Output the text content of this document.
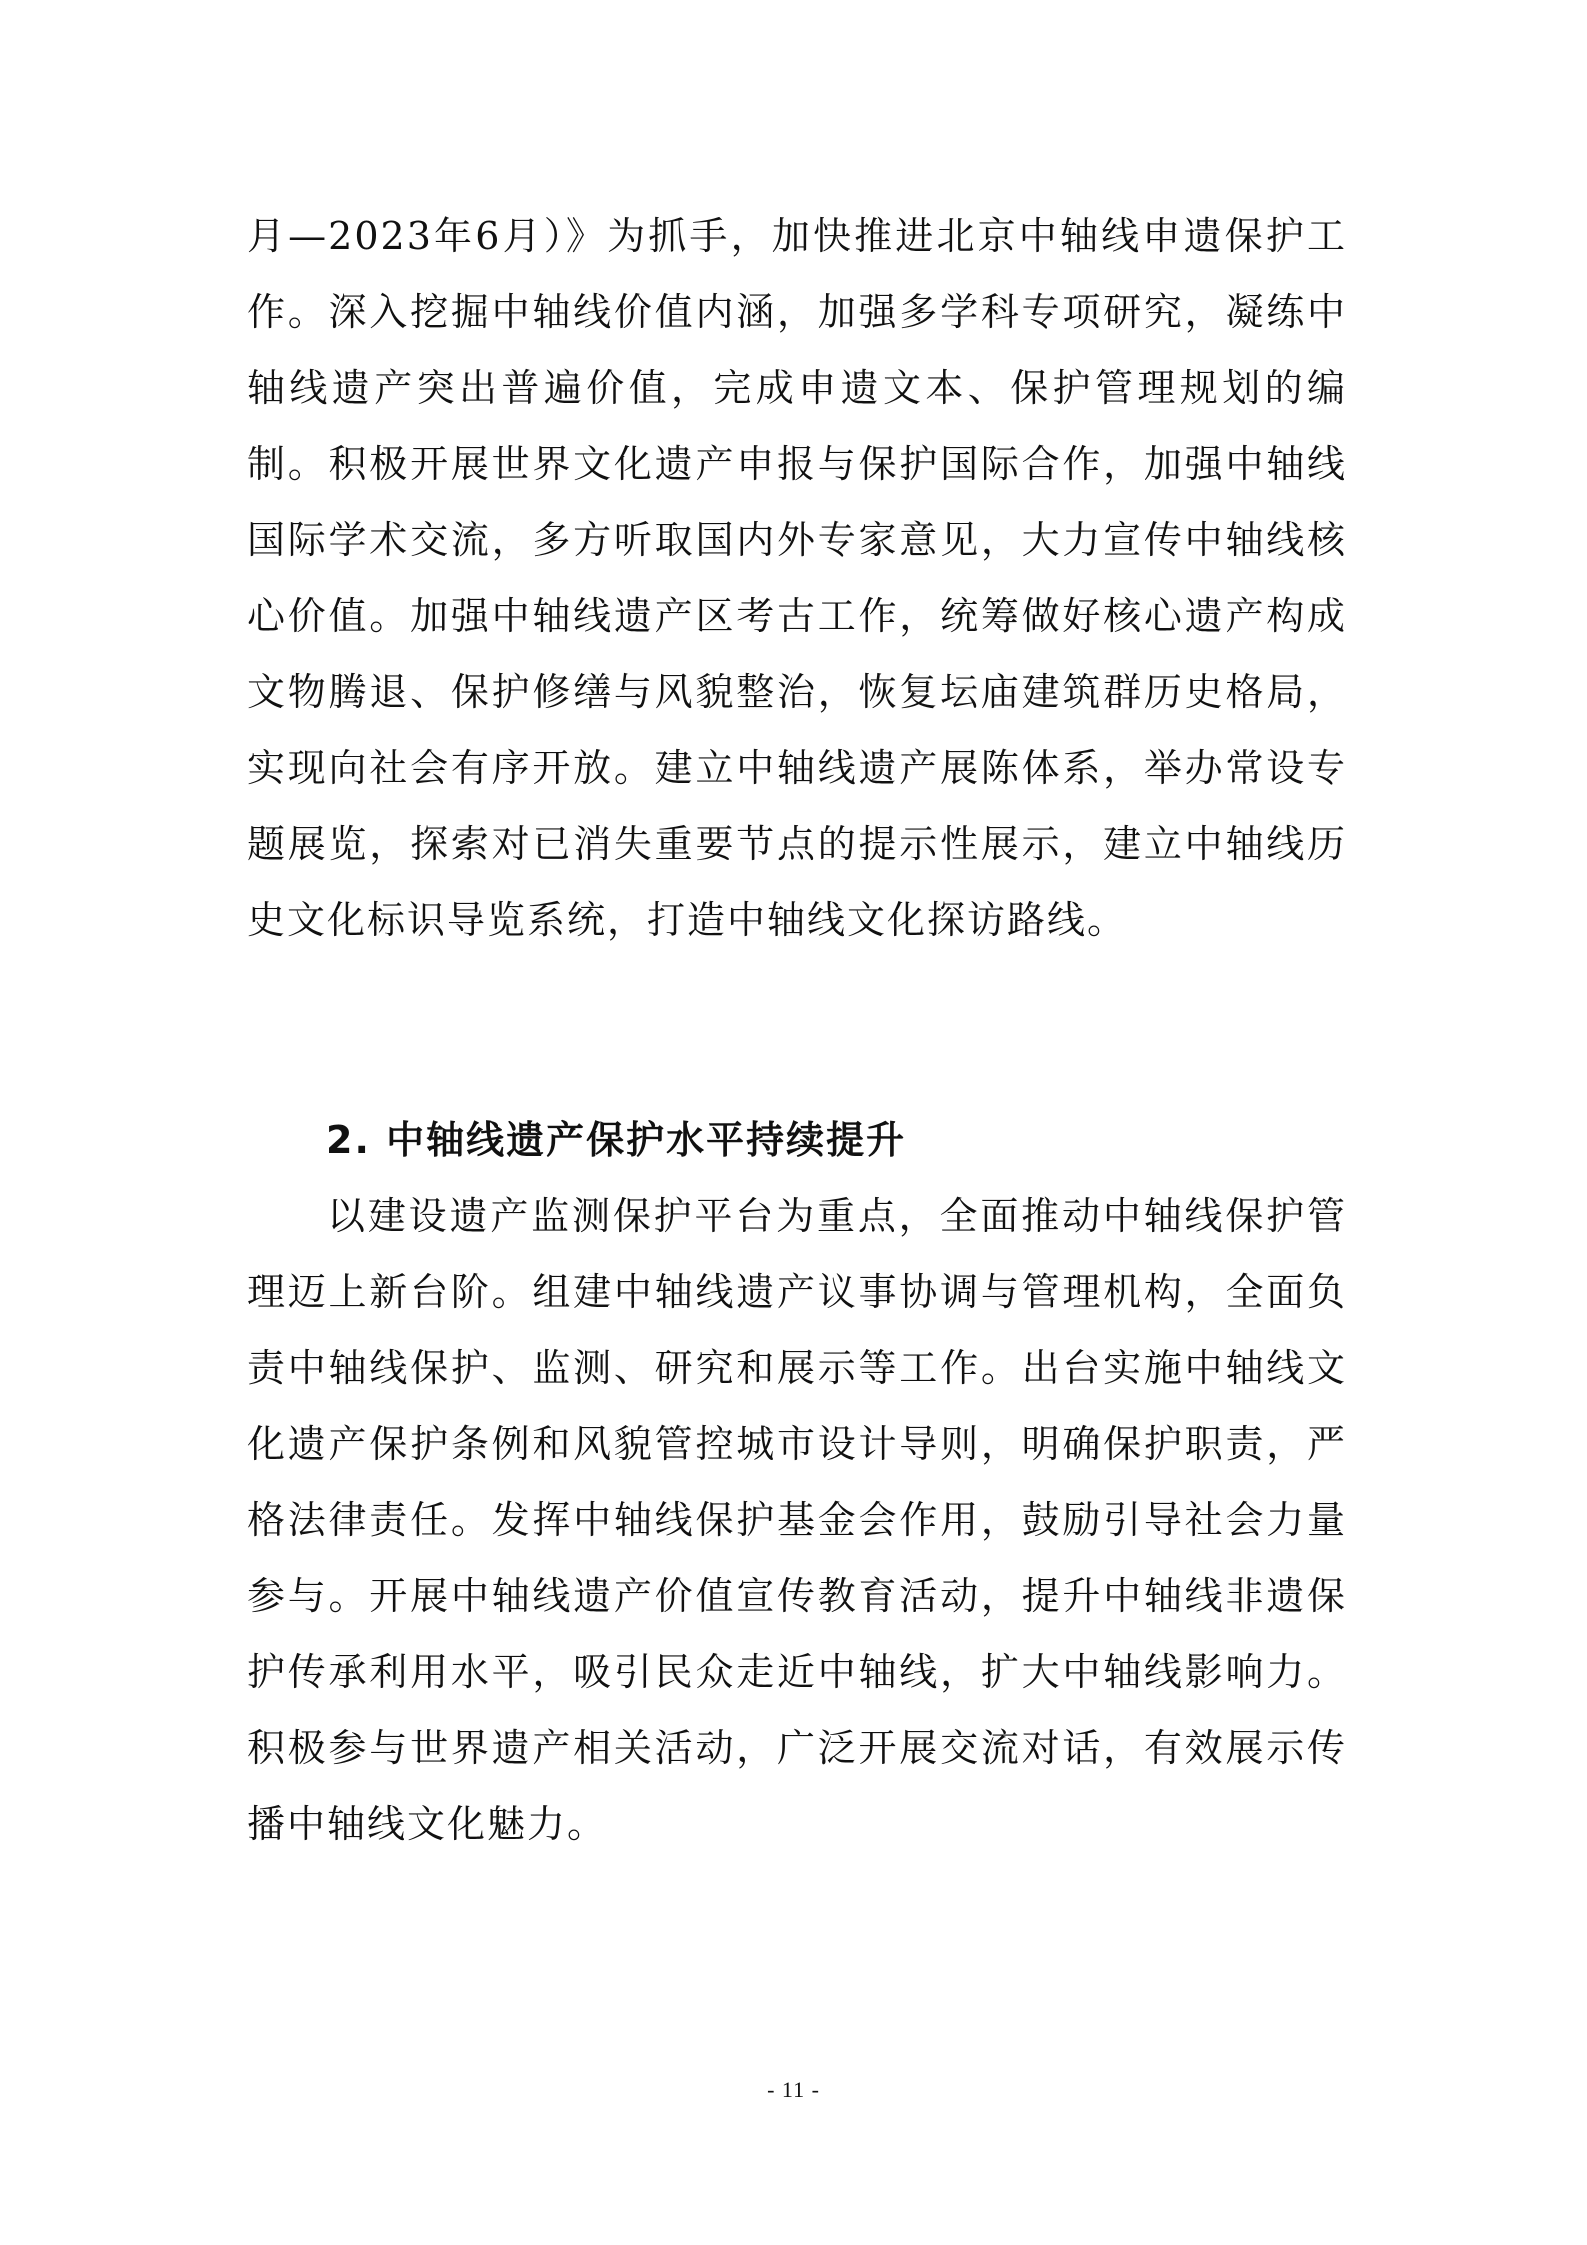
月—2023年6月）》为抓手，加快推进北京中轴线申遗保护工作。深入挖掘中轴线价值内涵，加强多学科专项研究，凝练中轴线遗产突出普遍价值，完成申遗文本、保护管理规划的编制。积极开展世界文化遗产申报与保护国际合作，加强中轴线国际学术交流，多方听取国内外专家意见，大力宣传中轴线核心价值。加强中轴线遗产区考古工作，统筹做好核心遗产构成文物腾退、保护修缮与风貌整治，恢复坛庙建筑群历史格局，实现向社会有序开放。建立中轴线遗产展陈体系，举办常设专题展览，探索对已消失重要节点的提示性展示，建立中轴线历史文化标识导览系统，打造中轴线文化探访路线。
2. 中轴线遗产保护水平持续提升
以建设遗产监测保护平台为重点，全面推动中轴线保护管理迈上新台阶。组建中轴线遗产议事协调与管理机构，全面负责中轴线保护、监测、研究和展示等工作。出台实施中轴线文化遗产保护条例和风貌管控城市设计导则，明确保护职责，严格法律责任。发挥中轴线保护基金会作用，鼓励引导社会力量参与。开展中轴线遗产价值宣传教育活动，提升中轴线非遗保护传承利用水平，吸引民众走近中轴线，扩大中轴线影响力。积极参与世界遗产相关活动，广泛开展交流对话，有效展示传播中轴线文化魅力。
- 11 -
